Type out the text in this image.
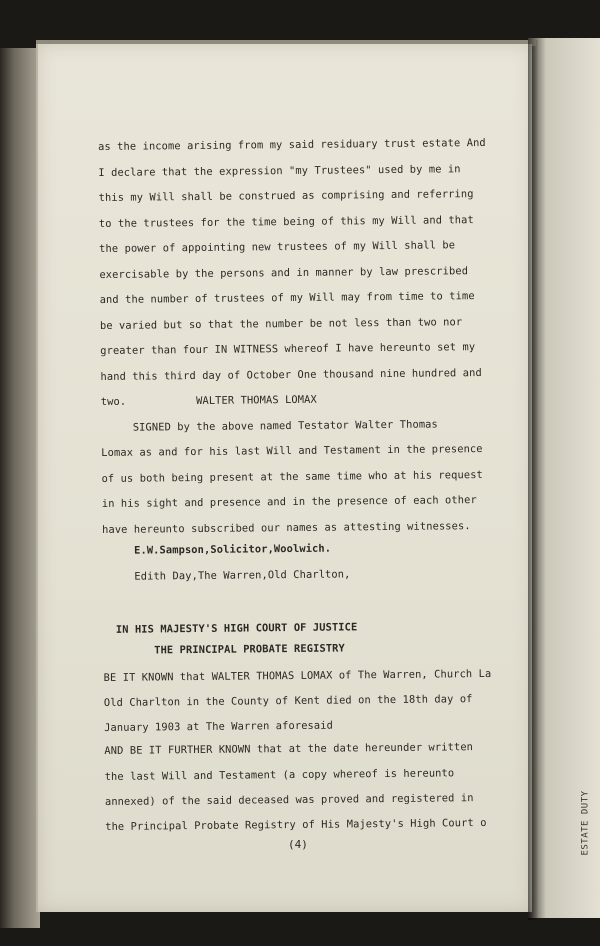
as the income arising from my said residuary trust estate And
I declare that the expression "my Trustees" used by me in
this my Will shall be construed as comprising and referring
to the trustees for the time being of this my Will and that
the power of appointing new trustees of my Will shall be
exercisable by the persons and in manner by law prescribed
and the number of trustees of my Will may from time to time
be varied but so that the number be not less than two nor
greater than four IN WITNESS whereof I have hereunto set my
hand this third day of October One thousand nine hundred and
two.           WALTER THOMAS LOMAX
SIGNED by the above named Testator Walter Thomas
Lomax as and for his last Will and Testament in the presence
of us both being present at the same time who at his request
in his sight and presence and in the presence of each other
have hereunto subscribed our names as attesting witnesses.
E.W.Sampson,Solicitor,Woolwich.
Edith Day,The Warren,Old Charlton,
IN HIS MAJESTY'S HIGH COURT OF JUSTICE
THE PRINCIPAL PROBATE REGISTRY
BE IT KNOWN that WALTER THOMAS LOMAX of The Warren, Church La
Old Charlton in the County of Kent died on the 18th day of
January 1903 at The Warren aforesaid
AND BE IT FURTHER KNOWN that at the date hereunder written
the last Will and Testament (a copy whereof is hereunto
annexed) of the said deceased was proved and registered in
the Principal Probate Registry of His Majesty's High Court o
(4)	ESTATE DUTY
